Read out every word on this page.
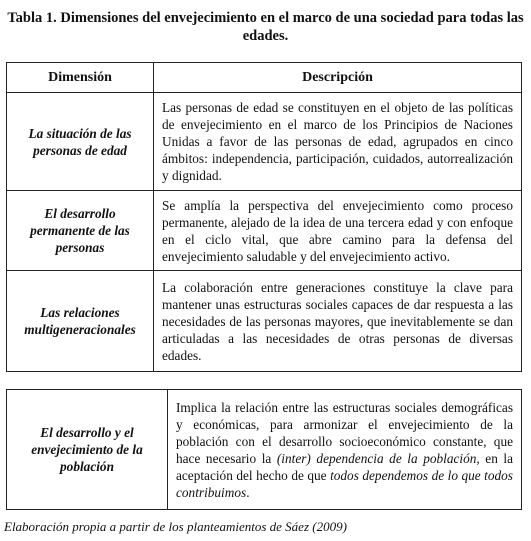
Tabla 1. Dimensiones del envejecimiento en el marco de una sociedad para todas las edades.
Dimensión	Descripción
La situación de las personas de edad	Las personas de edad se constituyen en el objeto de las políticas de envejecimiento en el marco de los Principios de Naciones Unidas a favor de las personas de edad, agrupados en cinco ámbitos: independencia, participación, cuidados, autorrealización y dignidad.
El desarrollo permanente de las personas	Se amplía la perspectiva del envejecimiento como proceso permanente, alejado de la idea de una tercera edad y con enfoque en el ciclo vital, que abre camino para la defensa del envejecimiento saludable y del envejecimiento activo.
Las relaciones multigeneracionales	La colaboración entre generaciones constituye la clave para mantener unas estructuras sociales capaces de dar respuesta a las necesidades de las personas mayores, que inevitablemente se dan articuladas a las necesidades de otras personas de diversas edades.
El desarrollo y el envejecimiento de la población	Implica la relación entre las estructuras sociales demográficas y económicas, para armonizar el envejecimiento de la población con el desarrollo socioeconómico constante, que hace necesario la (inter) dependencia de la población, en la aceptación del hecho de que todos dependemos de lo que todos contribuimos.
Elaboración propia a partir de los planteamientos de Sáez (2009)
